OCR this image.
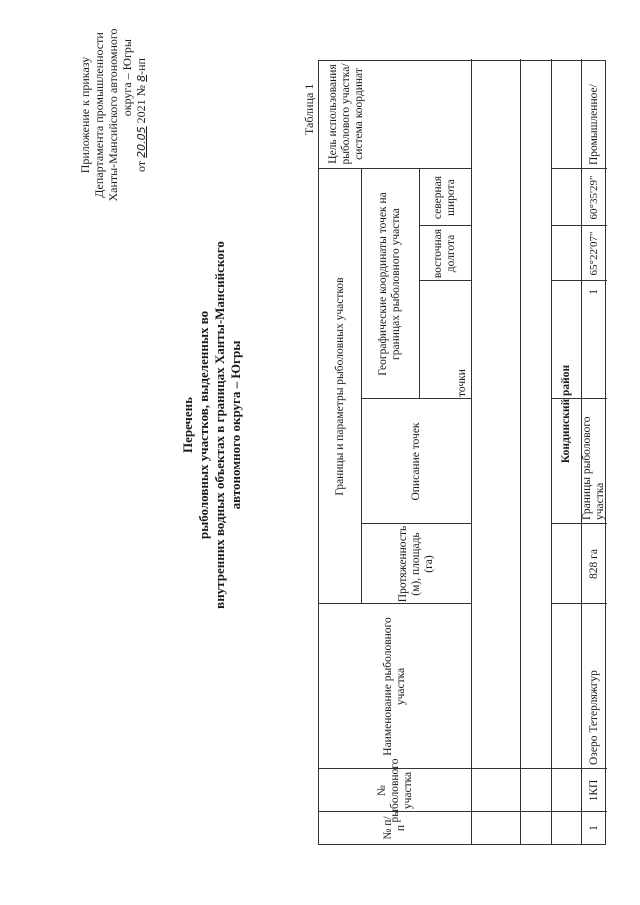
Приложение к приказу Департамента промышленности Ханты-Мансийского автономного округа – Югры
от 20.05 2021 № 8-нп
Таблица 1
Перечень рыболовных участков, выделенных во внутренних водных объектах в границах Ханты-Мансийского автономного округа – Югры
№ п/п
№ рыболовного участка
Наименование рыболовного участка
Границы и параметры рыболовных участков
Протяженность (м), площадь (га)
Описание точек
Географические координаты точек на границах рыболовного участка
точки
восточная долгота
северная широта
Цель использования рыболового участка/система координат
Кондинский район
1
1КП
Озеро Тетерляжгур
828 га
Границы рыболового участка
1
65°22'07"
60°35'29"
Промышленное/
